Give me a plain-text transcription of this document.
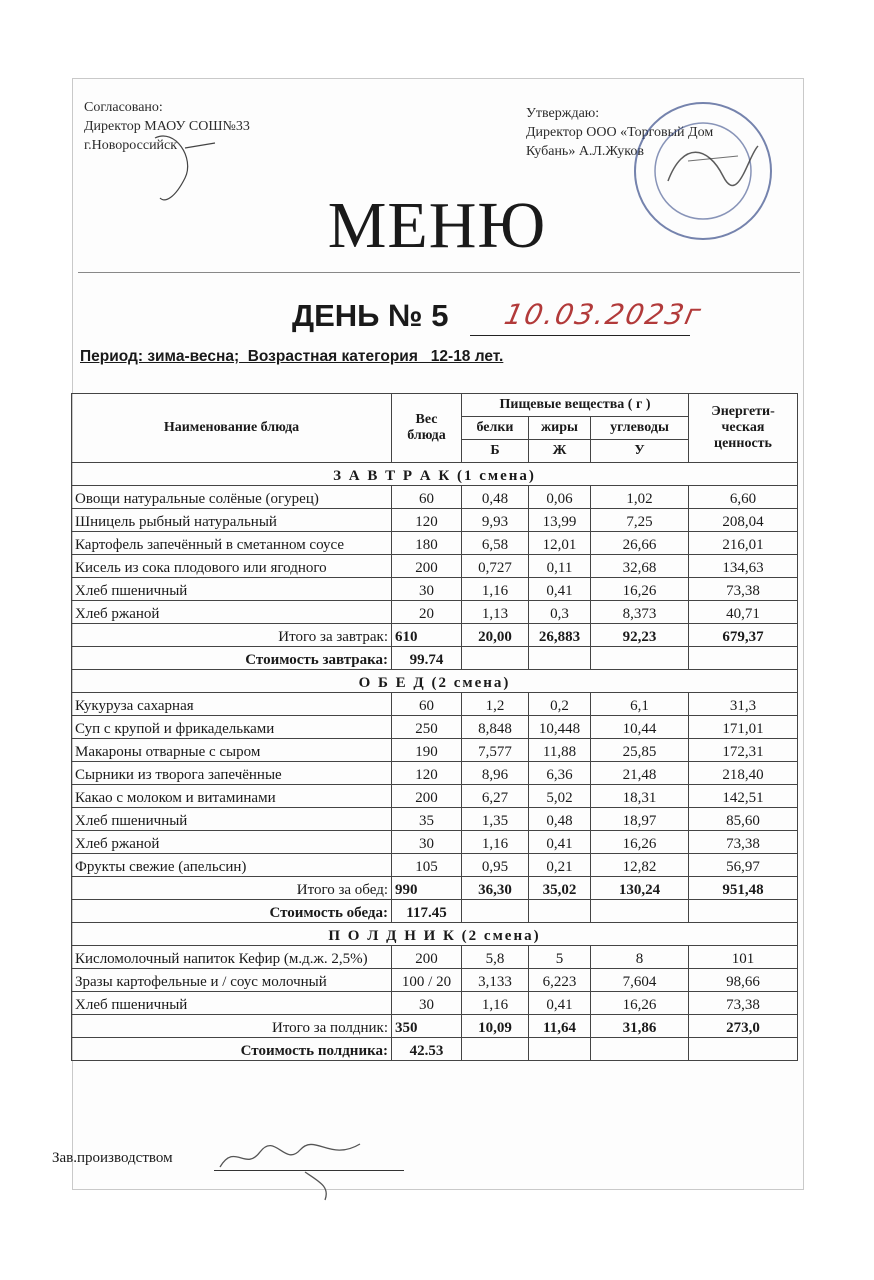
Согласовано:
Директор МАОУ СОШ№33
г.Новороссийск
Утверждаю:
Директор ООО «Торговый Дом
Кубань» А.Л.Жуков
МЕНЮ
ДЕНЬ № 5 10.03.2023г
Период: зима-весна;  Возрастная категория   12-18 лет.
Наименование блюда	Вес блюда	Пищевые вещества ( г )			Энергети-ческая ценность
		белки	жиры	углеводы	
		Б	Ж	У	
З А В Т Р А К (1 смена)					
Овощи натуральные солёные (огурец)	60	0,48	0,06	1,02	6,60
Шницель рыбный натуральный	120	9,93	13,99	7,25	208,04
Картофель запечённый в сметанном соусе	180	6,58	12,01	26,66	216,01
Кисель из сока плодового или ягодного	200	0,727	0,11	32,68	134,63
Хлеб пшеничный	30	1,16	0,41	16,26	73,38
Хлеб ржаной	20	1,13	0,3	8,373	40,71
Итого за завтрак:	610	20,00	26,883	92,23	679,37
Стоимость завтрака:	99.74				
О Б Е Д (2 смена)					
Кукуруза сахарная	60	1,2	0,2	6,1	31,3
Суп с крупой и фрикадельками	250	8,848	10,448	10,44	171,01
Макароны отварные с сыром	190	7,577	11,88	25,85	172,31
Сырники из творога запечённые	120	8,96	6,36	21,48	218,40
Какао с молоком и витаминами	200	6,27	5,02	18,31	142,51
Хлеб пшеничный	35	1,35	0,48	18,97	85,60
Хлеб ржаной	30	1,16	0,41	16,26	73,38
Фрукты свежие (апельсин)	105	0,95	0,21	12,82	56,97
Итого за обед:	990	36,30	35,02	130,24	951,48
Стоимость обеда:	117.45				
П О Л Д Н И К (2 смена)					
Кисломолочный напиток Кефир (м.д.ж. 2,5%)	200	5,8	5	8	101
Зразы картофельные и / соус молочный	100 / 20	3,133	6,223	7,604	98,66
Хлеб пшеничный	30	1,16	0,41	16,26	73,38
Итого за полдник:	350	10,09	11,64	31,86	273,0
Стоимость полдника:	42.53				
Зав.производством
